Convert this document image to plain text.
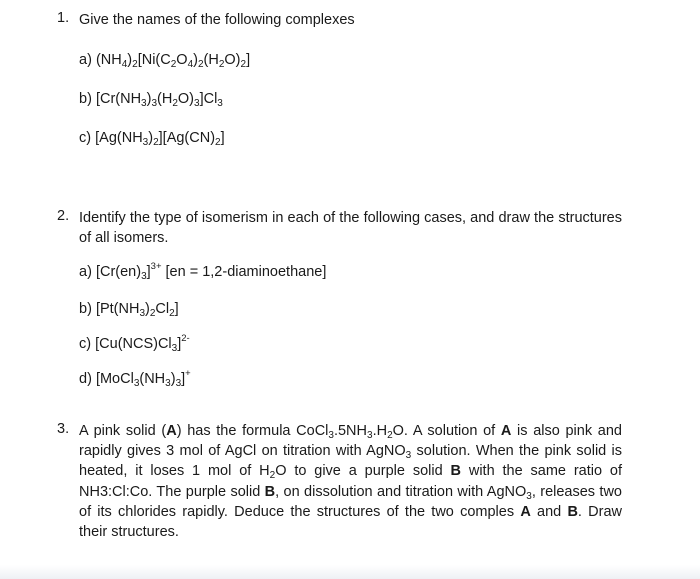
1. Give the names of the following complexes
a) $(NH_4)_2[Ni(C_2O_4)_2(H_2O)_2]$
b) $[Cr(NH_3)_3(H_2O)_3]Cl_3$
c) $[Ag(NH_3)_2][Ag(CN)_2]$
2. Identify the type of isomerism in each of the following cases, and draw the structures of all isomers.
a) $[Cr(en)_3]^{3+}$ [en = 1,2-diaminoethane]
b) $[Pt(NH_3)_2Cl_2]$
c) $[Cu(NCS)Cl_3]^{2-}$
d) $[MoCl_3(NH_3)_3]^+$
3. A pink solid (A) has the formula $CoCl_3.5NH_3.H_2O$. A solution of A is also pink and rapidly gives 3 mol of AgCl on titration with AgNO$_3$ solution. When the pink solid is heated, it loses 1 mol of $H_2O$ to give a purple solid B with the same ratio of NH3:Cl:Co. The purple solid B, on dissolution and titration with AgNO$_3$, releases two of its chlorides rapidly. Deduce the structures of the two comples A and B. Draw their structures.
